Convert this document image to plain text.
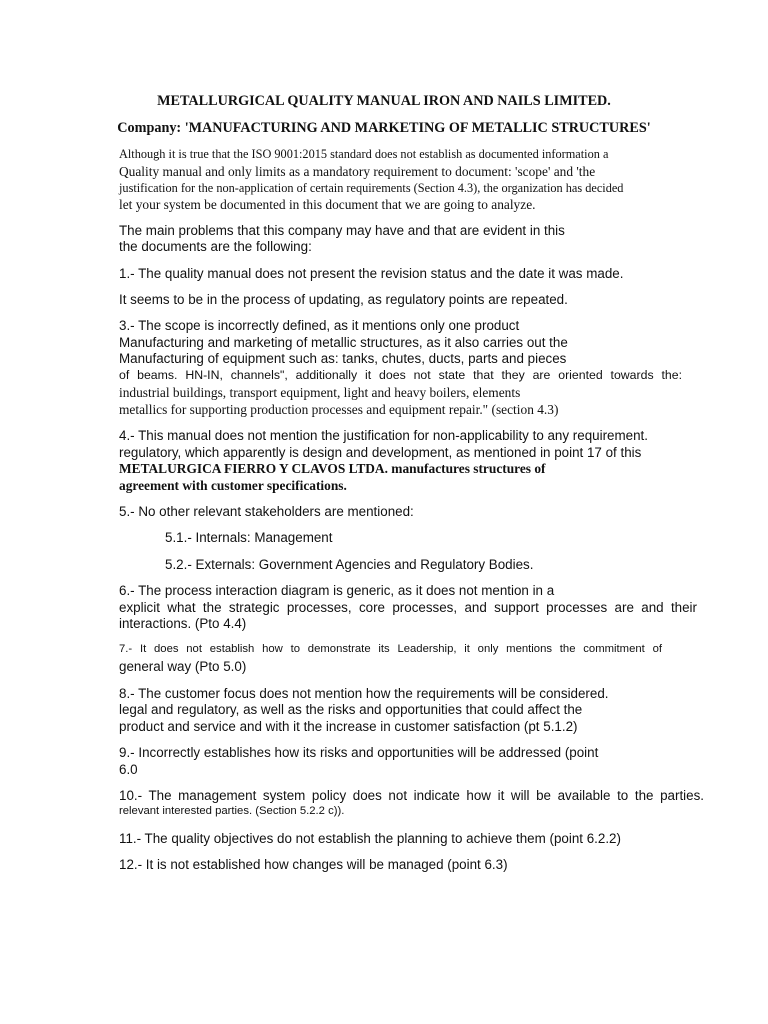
METALLURGICAL QUALITY MANUAL IRON AND NAILS LIMITED.
Company: 'MANUFACTURING AND MARKETING OF METALLIC STRUCTURES'
Although it is true that the ISO 9001:2015 standard does not establish as documented information a
Quality manual and only limits as a mandatory requirement to document: 'scope' and 'the
justification for the non-application of certain requirements (Section 4.3), the organization has decided
let your system be documented in this document that we are going to analyze.
The main problems that this company may have and that are evident in this
the documents are the following:
1.- The quality manual does not present the revision status and the date it was made.
It seems to be in the process of updating, as regulatory points are repeated.
3.- The scope is incorrectly defined, as it mentions only one product
Manufacturing and marketing of metallic structures, as it also carries out the
Manufacturing of equipment such as: tanks, chutes, ducts, parts and pieces
of beams. HN-IN, channels", additionally it does not state that they are oriented towards the:
industrial buildings, transport equipment, light and heavy boilers, elements
metallics for supporting production processes and equipment repair." (section 4.3)
4.- This manual does not mention the justification for non-applicability to any requirement.
regulatory, which apparently is design and development, as mentioned in point 17 of this
METALURGICA FIERRO Y CLAVOS LTDA. manufactures structures of
agreement with customer specifications.
5.- No other relevant stakeholders are mentioned:
5.1.- Internals: Management
5.2.- Externals: Government Agencies and Regulatory Bodies.
6.- The process interaction diagram is generic, as it does not mention in a
explicit what the strategic processes, core processes, and support processes are and their
interactions. (Pto 4.4)
7.- It does not establish how to demonstrate its Leadership, it only mentions the commitment of
general way (Pto 5.0)
8.- The customer focus does not mention how the requirements will be considered.
legal and regulatory, as well as the risks and opportunities that could affect the
product and service and with it the increase in customer satisfaction (pt 5.1.2)
9.- Incorrectly establishes how its risks and opportunities will be addressed (point
6.0
10.- The management system policy does not indicate how it will be available to the parties.
relevant interested parties. (Section 5.2.2 c)).
11.- The quality objectives do not establish the planning to achieve them (point 6.2.2)
12.- It is not established how changes will be managed (point 6.3)
